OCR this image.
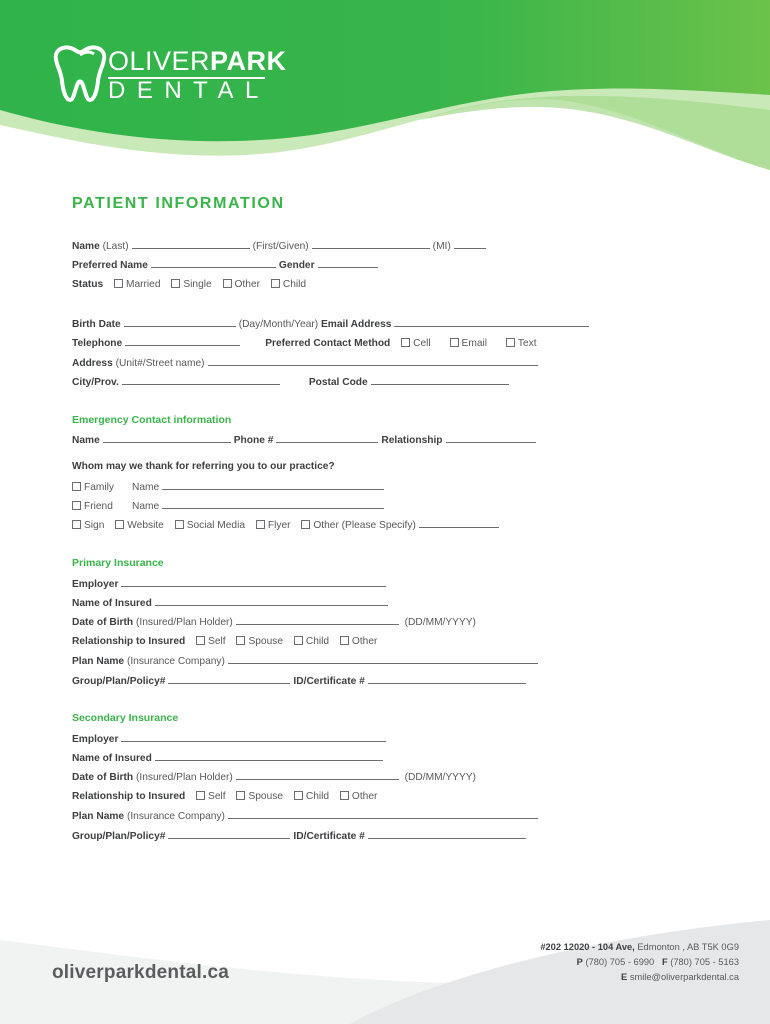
OLIVERPARK
DENTAL
PATIENT INFORMATION
Name (Last)	(First/Given)	(MI)
Preferred Name	Gender
Status Married Single Other Child
Birth Date	(Day/Month/Year) Email Address
Telephone	Preferred Contact Method Cell	Email	Text
Address (Unit#/Street name)
City/Prov.	Postal Code
Emergency Contact information
Name	Phone #	Relationship
Whom may we thank for referring you to our practice?
Family Name
Friend Name
Sign Website Social Media Flyer Other (Please Specify)
Primary Insurance
Employer
Name of Insured
Date of Birth (Insured/Plan Holder)	(DD/MM/YYYY)
Relationship to Insured Self Spouse Child Other
Plan Name (Insurance Company)
Group/Plan/Policy#	ID/Certificate #
Secondary Insurance
Employer
Name of Insured
Date of Birth (Insured/Plan Holder)	(DD/MM/YYYY)
Relationship to Insured Self Spouse Child Other
Plan Name (Insurance Company)
Group/Plan/Policy#	ID/Certificate #
oliverparkdental.ca
#202 12020 - 104 Ave, Edmonton , AB T5K 0G9
P (780) 705 - 6990 F (780) 705 - 5163
E smile@oliverparkdental.ca
